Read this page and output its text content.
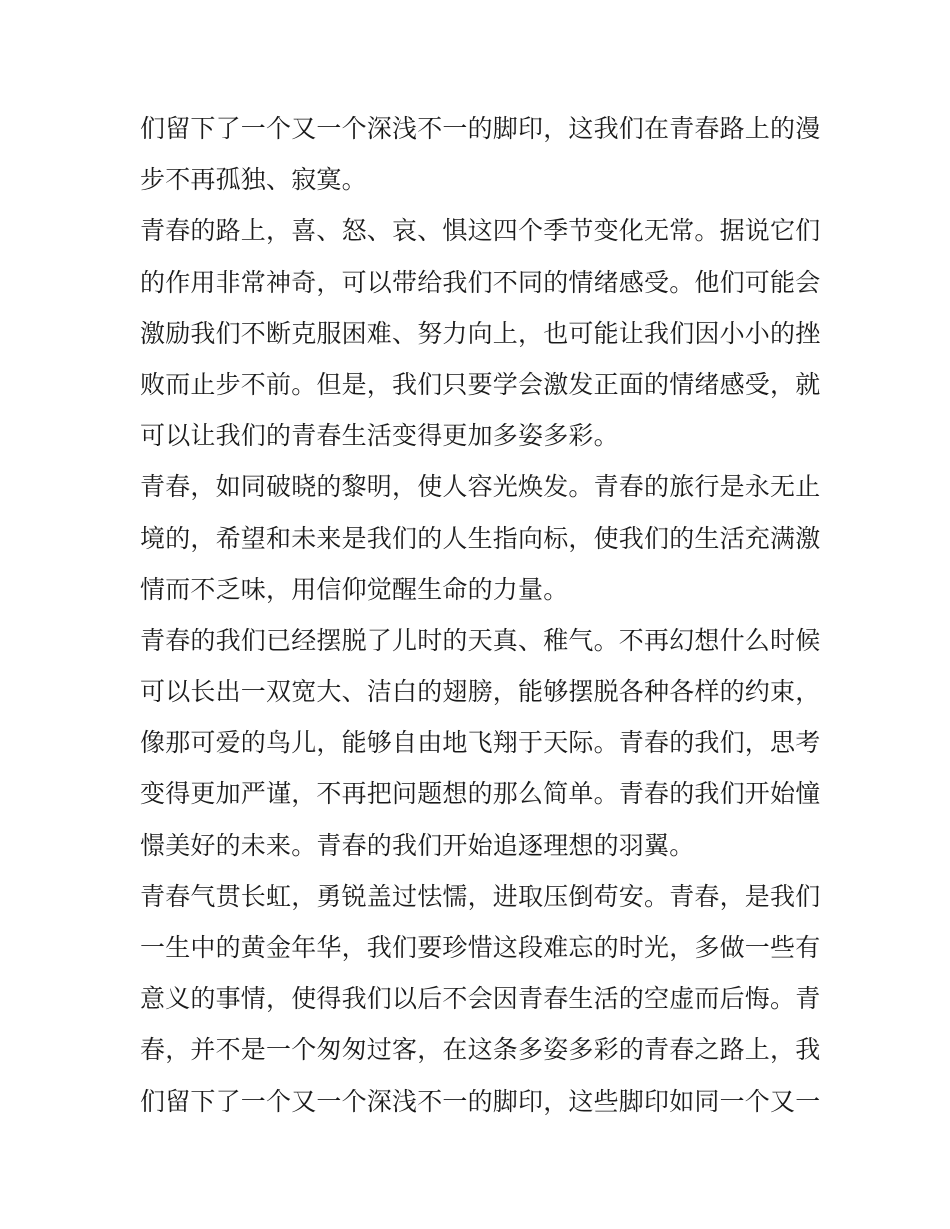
们留下了一个又一个深浅不一的脚印，这我们在青春路上的漫
步不再孤独、寂寞。
青春的路上，喜、怒、哀、惧这四个季节变化无常。据说它们
的作用非常神奇，可以带给我们不同的情绪感受。他们可能会
激励我们不断克服困难、努力向上，也可能让我们因小小的挫
败而止步不前。但是，我们只要学会激发正面的情绪感受，就
可以让我们的青春生活变得更加多姿多彩。
青春，如同破晓的黎明，使人容光焕发。青春的旅行是永无止
境的，希望和未来是我们的人生指向标，使我们的生活充满激
情而不乏味，用信仰觉醒生命的力量。
青春的我们已经摆脱了儿时的天真、稚气。不再幻想什么时候
可以长出一双宽大、洁白的翅膀，能够摆脱各种各样的约束，
像那可爱的鸟儿，能够自由地飞翔于天际。青春的我们，思考
变得更加严谨，不再把问题想的那么简单。青春的我们开始憧
憬美好的未来。青春的我们开始追逐理想的羽翼。
青春气贯长虹，勇锐盖过怯懦，进取压倒苟安。青春，是我们
一生中的黄金年华，我们要珍惜这段难忘的时光，多做一些有
意义的事情，使得我们以后不会因青春生活的空虚而后悔。青
春，并不是一个匆匆过客，在这条多姿多彩的青春之路上，我
们留下了一个又一个深浅不一的脚印，这些脚印如同一个又一
